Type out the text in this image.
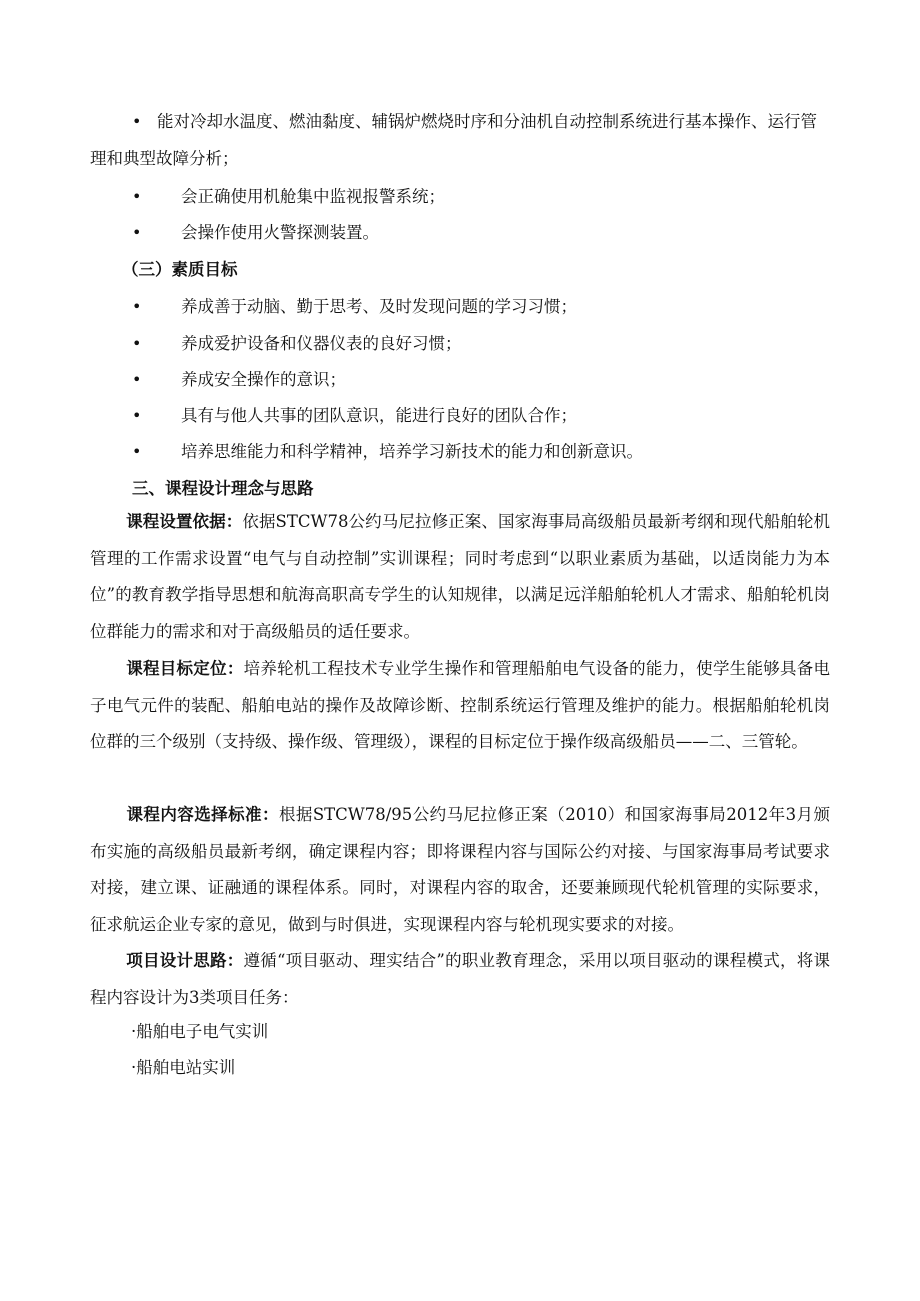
• 能对冷却水温度、燃油黏度、辅锅炉燃烧时序和分油机自动控制系统进行基本操作、运行管
理和典型故障分析；
• 会正确使用机舱集中监视报警系统；
• 会操作使用火警探测装置。
（三）素质目标
• 养成善于动脑、勤于思考、及时发现问题的学习习惯；
• 养成爱护设备和仪器仪表的良好习惯；
• 养成安全操作的意识；
• 具有与他人共事的团队意识，能进行良好的团队合作；
• 培养思维能力和科学精神，培养学习新技术的能力和创新意识。
三、课程设计理念与思路
课程设置依据：依据STCW78公约马尼拉修正案、国家海事局高级船员最新考纲和现代船舶轮机管理的工作需求设置“电气与自动控制”实训课程；同时考虑到“以职业素质为基础，以适岗能力为本位”的教育教学指导思想和航海高职高专学生的认知规律，以满足远洋船舶轮机人才需求、船舶轮机岗位群能力的需求和对于高级船员的适任要求。
课程目标定位：培养轮机工程技术专业学生操作和管理船舶电气设备的能力，使学生能够具备电子电气元件的装配、船舶电站的操作及故障诊断、控制系统运行管理及维护的能力。根据船舶轮机岗位群的三个级别（支持级、操作级、管理级），课程的目标定位于操作级高级船员——二、三管轮。
课程内容选择标准：根据STCW78/95公约马尼拉修正案（2010）和国家海事局2012年3月颁布实施的高级船员最新考纲，确定课程内容；即将课程内容与国际公约对接、与国家海事局考试要求对接，建立课、证融通的课程体系。同时，对课程内容的取舍，还要兼顾现代轮机管理的实际要求，征求航运企业专家的意见，做到与时俱进，实现课程内容与轮机现实要求的对接。
项目设计思路：遵循“项目驱动、理实结合”的职业教育理念，采用以项目驱动的课程模式，将课程内容设计为3类项目任务：
·船舶电子电气实训
·船舶电站实训
